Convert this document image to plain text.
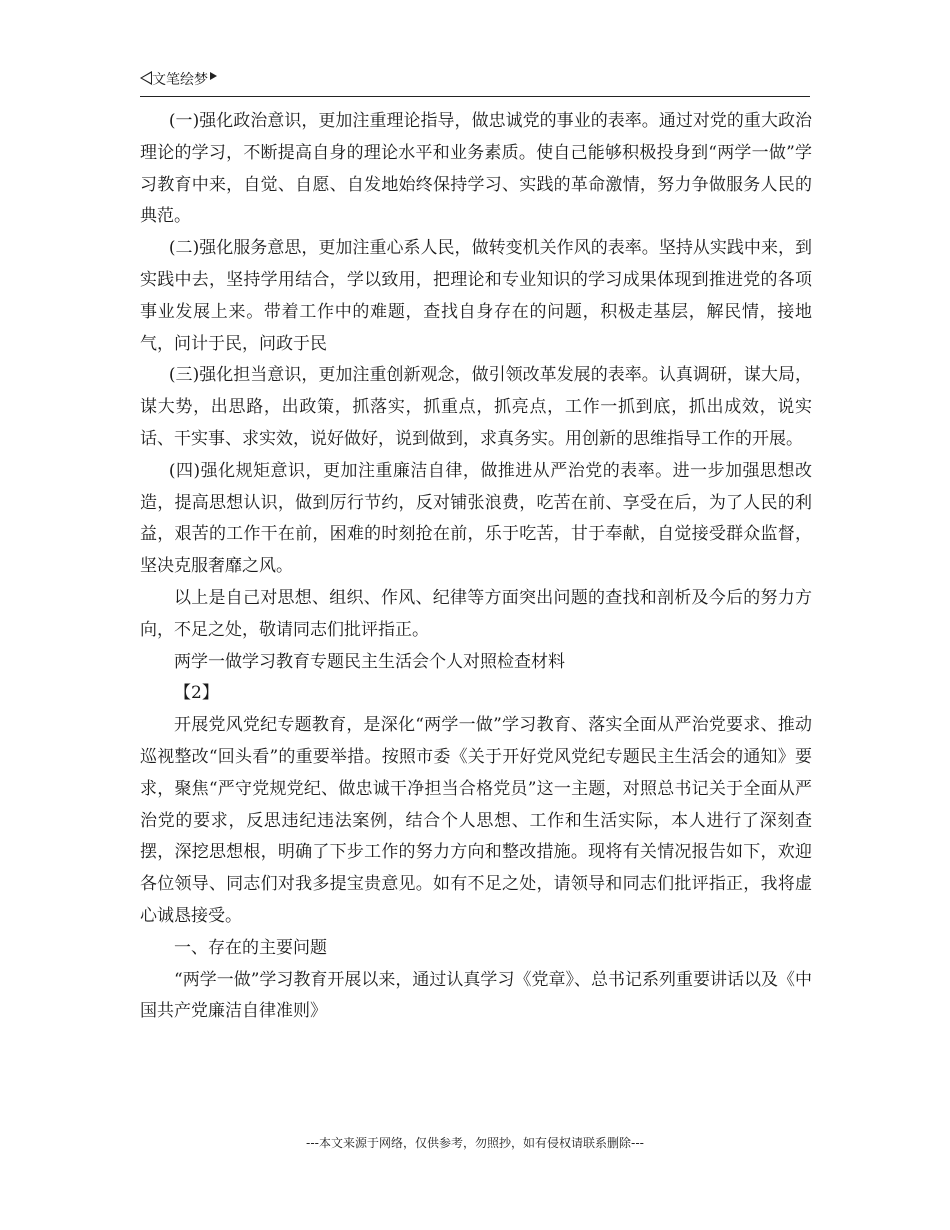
文笔绘梦

(一)强化政治意识，更加注重理论指导，做忠诚党的事业的表率。通过对党的重大政治理论的学习，不断提高自身的理论水平和业务素质。使自己能够积极投身到“两学一做”学习教育中来，自觉、自愿、自发地始终保持学习、实践的革命激情，努力争做服务人民的典范。

(二)强化服务意思，更加注重心系人民，做转变机关作风的表率。坚持从实践中来，到实践中去，坚持学用结合，学以致用，把理论和专业知识的学习成果体现到推进党的各项事业发展上来。带着工作中的难题，查找自身存在的问题，积极走基层，解民情，接地气，问计于民，问政于民

(三)强化担当意识，更加注重创新观念，做引领改革发展的表率。认真调研，谋大局，谋大势，出思路，出政策，抓落实，抓重点，抓亮点，工作一抓到底，抓出成效，说实话、干实事、求实效，说好做好，说到做到，求真务实。用创新的思维指导工作的开展。

(四)强化规矩意识，更加注重廉洁自律，做推进从严治党的表率。进一步加强思想改造，提高思想认识，做到厉行节约，反对铺张浪费，吃苦在前、享受在后，为了人民的利益，艰苦的工作干在前，困难的时刻抢在前，乐于吃苦，甘于奉献，自觉接受群众监督，坚决克服奢靡之风。

以上是自己对思想、组织、作风、纪律等方面突出问题的查找和剖析及今后的努力方向，不足之处，敬请同志们批评指正。

两学一做学习教育专题民主生活会个人对照检查材料

【2】

开展党风党纪专题教育，是深化“两学一做”学习教育、落实全面从严治党要求、推动巡视整改“回头看”的重要举措。按照市委《关于开好党风党纪专题民主生活会的通知》要求，聚焦“严守党规党纪、做忠诚干净担当合格党员”这一主题，对照总书记关于全面从严治党的要求，反思违纪违法案例，结合个人思想、工作和生活实际，本人进行了深刻查摆，深挖思想根，明确了下步工作的努力方向和整改措施。现将有关情况报告如下，欢迎各位领导、同志们对我多提宝贵意见。如有不足之处，请领导和同志们批评指正，我将虚心诚恳接受。

一、存在的主要问题

“两学一做”学习教育开展以来，通过认真学习《党章》、总书记系列重要讲话以及《中国共产党廉洁自律准则》

---本文来源于网络，仅供参考，勿照抄，如有侵权请联系删除---
